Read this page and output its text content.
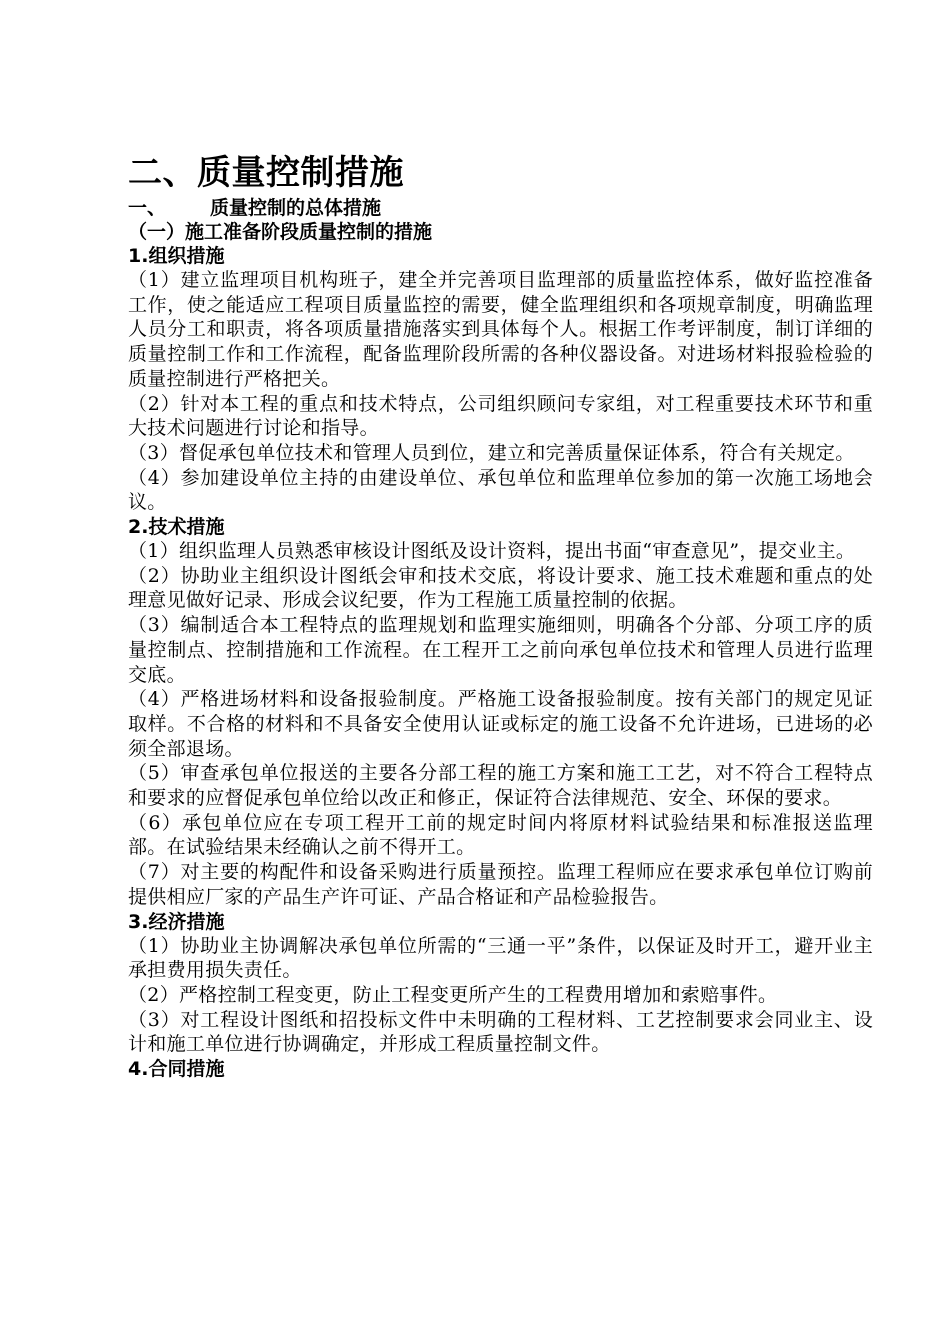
二、质量控制措施
一、	质量控制的总体措施
（一）施工准备阶段质量控制的措施
1.组织措施

（1）建立监理项目机构班子，建全并完善项目监理部的质量监控体系，做好监控准备工作，使之能适应工程项目质量监控的需要，健全监理组织和各项规章制度，明确监理人员分工和职责，将各项质量措施落实到具体每个人。根据工作考评制度，制订详细的质量控制工作和工作流程，配备监理阶段所需的各种仪器设备。对进场材料报验检验的质量控制进行严格把关。

（2）针对本工程的重点和技术特点，公司组织顾问专家组，对工程重要技术环节和重大技术问题进行讨论和指导。

（3）督促承包单位技术和管理人员到位，建立和完善质量保证体系，符合有关规定。

（4）参加建设单位主持的由建设单位、承包单位和监理单位参加的第一次施工场地会议。

2.技术措施

（1）组织监理人员熟悉审核设计图纸及设计资料，提出书面“审查意见”，提交业主。

（2）协助业主组织设计图纸会审和技术交底，将设计要求、施工技术难题和重点的处理意见做好记录、形成会议纪要，作为工程施工质量控制的依据。

（3）编制适合本工程特点的监理规划和监理实施细则，明确各个分部、分项工序的质量控制点、控制措施和工作流程。在工程开工之前向承包单位技术和管理人员进行监理交底。

（4）严格进场材料和设备报验制度。严格施工设备报验制度。按有关部门的规定见证取样。不合格的材料和不具备安全使用认证或标定的施工设备不允许进场，已进场的必须全部退场。

（5）审查承包单位报送的主要各分部工程的施工方案和施工工艺，对不符合工程特点和要求的应督促承包单位给以改正和修正，保证符合法律规范、安全、环保的要求。

（6）承包单位应在专项工程开工前的规定时间内将原材料试验结果和标准报送监理部。在试验结果未经确认之前不得开工。

（7）对主要的构配件和设备采购进行质量预控。监理工程师应在要求承包单位订购前提供相应厂家的产品生产许可证、产品合格证和产品检验报告。

3.经济措施

（1）协助业主协调解决承包单位所需的“三通一平”条件，以保证及时开工，避开业主承担费用损失责任。

（2）严格控制工程变更，防止工程变更所产生的工程费用增加和索赔事件。

（3）对工程设计图纸和招投标文件中未明确的工程材料、工艺控制要求会同业主、设计和施工单位进行协调确定，并形成工程质量控制文件。

4.合同措施
